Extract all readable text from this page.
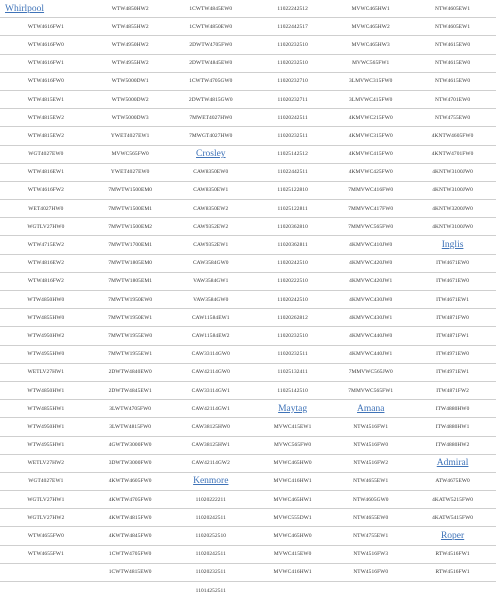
Whirlpool	WTW4850HW2	1CWTW4845EW0	11022242512	MVWC465HW1	NTW4605EW1
WTW4616FW1	WTW4855HW2	1CWTW4850EW0	11022442517	MVWC465HW2	NTW4605EW1
WTW4616FW0	WTW4950HW2	2DWTW4705FW0	11020232510	MVWC465HW3	NTW4615EW0
WTW4616FW1	WTW4955HW2	2DWTW4845EW0	11020232510	MVWC565FW1	NTW4615EW0
WTW4616FW0	WTW5000DW1	1CWTW4705GW0	11020232710	3LMVWC315FW0	NTW4615EW0
WTW4815EW1	WTW5000DW2	2DWTW4815GW0	11020232711	3LMVWC415FW0	NTW4701EW0
WTW4815EW2	WTW5000DW3	7MWET4027HW0	11020242511	4KMVWC215FW0	NTW4755EW0
WTW4815EW2	YWET4027EW1	7MWGT4027HW0	11020232511	4KMVWC315FW0	4KNTW4605FW0
WGT4027EW0	MVWC565FW0	Crosley	11025142512	4KMVWC415FW0	4KNTW4701FW0
WTW4816EW1	YWET4027EW0	CAW8350EW0	11022442511	4KMVWC425FW0	4KNTW3100JW0
WTW4616FW2	7MWTW1500EM0	CAW8350EW1	11025122810	7MMVWC416FW0	4KNTW3100JW0
WET4027HW0	7MWTW1500EM1	CAW8350EW2	11025122811	7MMVWC417FW0	4KNTW3200JW0
WGTLV27HW0	7MWTW1500EM2	CAW9352EW2	11020362810	7MMVWC565FW0	4KNTW3100JW0
WTW4715EW2	7MWTW1700EM1	CAW9352EW1	11020362811	4KMVWC410JW0	Inglis
WTW4816EW2	7MWTW1805EM0	CAW3584GW0	11020242510	4KMVWC420JW0	ITW4671EW0
WTW4816FW2	7MWTW1805EM1	VAW3584GW1	11020222510	4KMVWC420JW1	ITW4671EW0
WTW4850HW0	7MWTW1950EW0	VAW3584GW0	11020242510	4KMVWC430JW0	ITW4671EW1
WTW4855HW0	7MWTW1950EW1	CAW11584EW1	11020262812	4KMVWC430JW1	ITW4871FW0
WTW4950HW2	7MWTW1955EW0	CAW11584EW2	11020232510	4KMVWC440JW0	ITW4871FW1
WTW4955HW0	7MWTW1955EW1	CAW33114GW0	11020232511	4KMVWC440JW1	ITW4971EW0
WETLV27HW1	2DWTW4840EW0	CAW42114GW0	11025132411	7MMVWC565JW0	ITW4971EW1
WTW4850HW1	2DWTW4845EW1	CAW33114GW1	11025142510	7MMVWC565FW1	ITW4871FW2
WTW4855HW1	3LWTW4705FW0	CAW42114GW1	Maytag	Amana	ITW4880HW0
WTW4950HW1	3LWTW4815FW0	CAW38125HW0	MVWC415EW1	NTW4516FW1	ITW4880HW1
WTW4955HW1	4GWTW3000FW0	CAW38125HW1	MVWC565FW0	NTW4516FW0	ITW4880HW2
WETLV27HW2	3DWTW3000FW0	CAW42114GW2	MVWC465HW0	NTW4516FW2	Admiral
WGT4027EW1	4KWTW4605FW0	Kenmore	MVWC416HW1	NTW4655EW1	ATW4675EW0
WGTLV27HW1	4KWTW4705FW0	11020222211	MVWC465HW1	NTW4605GW0	4KATW5215FW0
WGTLV27HW2	4KWTW4815FW0	11020242511	MVWC555DW1	NTW4655EW0	4KATW5415FW0
WTW4655FW0	4KWTW4845FW0	11020252510	MVWC465HW0	NTW4755EW1	Roper
WTW4655FW1	1CWTW4705FW0	11020242511	MVWC415EW0	NTW4516FW3	RTW4516FW1
	1CWTW4815EW0	11020232511	MVWC416HW1	NTW4516FW0	RTW4516FW1
		11014252511			
